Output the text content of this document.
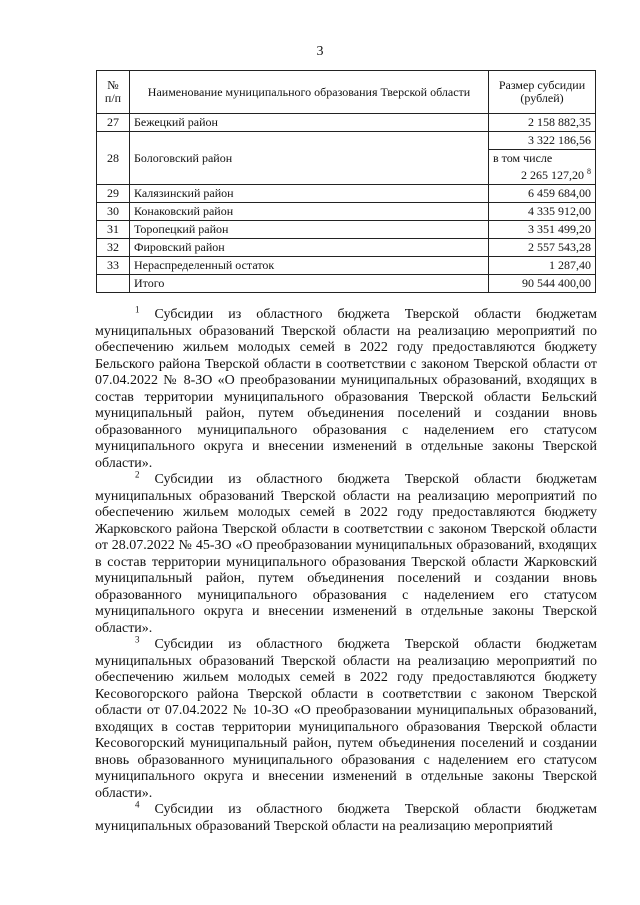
3
№ п/п	Наименование муниципального образования Тверской области	Размер субсидии (рублей)
27	Бежецкий район	2 158 882,35
28	Бологовский район	3 322 186,56

		в том числе
2 265 127,20 $^8$

29	Калязинский район	6 459 684,00
30	Конаковский район	4 335 912,00
31	Торопецкий район	3 351 499,20
32	Фировский район	2 557 543,28
33	Нераспределенный остаток	1 287,40
	Итого	90 544 400,00

$^1$ Субсидии из областного бюджета Тверской области бюджетам муниципальных образований Тверской области на реализацию мероприятий по обеспечению жильем молодых семей в 2022 году предоставляются бюджету Бельского района Тверской области в соответствии с законом Тверской области от 07.04.2022 № 8-ЗО «О преобразовании муниципальных образований, входящих в состав территории муниципального образования Тверской области Бельский муниципальный район, путем объединения поселений и создании вновь образованного муниципального образования с наделением его статусом муниципального округа и внесении изменений в отдельные законы Тверской области».

$^2$ Субсидии из областного бюджета Тверской области бюджетам муниципальных образований Тверской области на реализацию мероприятий по обеспечению жильем молодых семей в 2022 году предоставляются бюджету Жарковского района Тверской области в соответствии с законом Тверской области от 28.07.2022 № 45-ЗО «О преобразовании муниципальных образований, входящих в состав территории муниципального образования Тверской области Жарковский муниципальный район, путем объединения поселений и создании вновь образованного муниципального образования с наделением его статусом муниципального округа и внесении изменений в отдельные законы Тверской области».

$^3$ Субсидии из областного бюджета Тверской области бюджетам муниципальных образований Тверской области на реализацию мероприятий по обеспечению жильем молодых семей в 2022 году предоставляются бюджету Кесовогорского района Тверской области в соответствии с законом Тверской области от 07.04.2022 № 10-ЗО «О преобразовании муниципальных образований, входящих в состав территории муниципального образования Тверской области Кесовогорский муниципальный район, путем объединения поселений и создании вновь образованного муниципального образования с наделением его статусом муниципального округа и внесении изменений в отдельные законы Тверской области».

$^4$ Субсидии из областного бюджета Тверской области бюджетам муниципальных образований Тверской области на реализацию мероприятий
